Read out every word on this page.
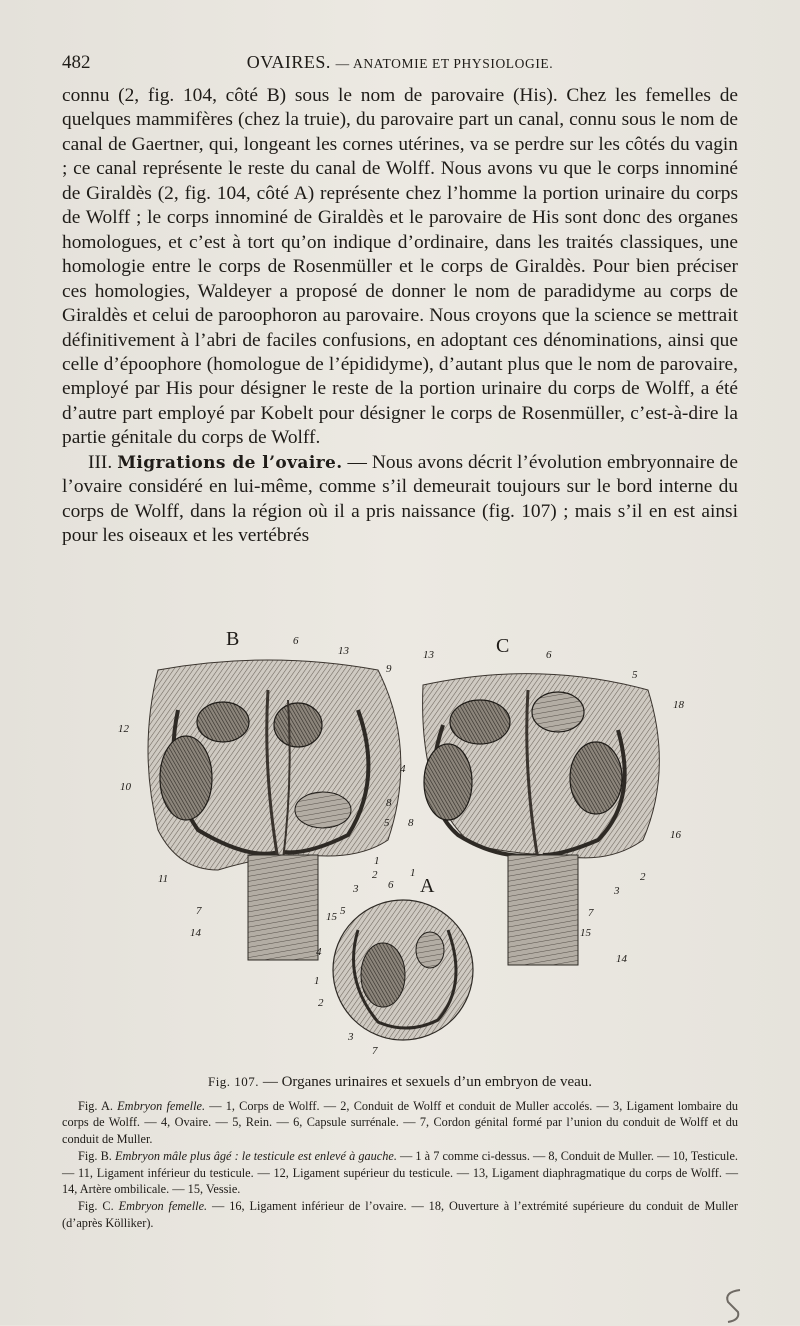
482	OVAIRES. — ANATOMIE ET PHYSIOLOGIE.

connu (2, fig. 104, côté B) sous le nom de parovaire (His). Chez les femelles de quelques mammifères (chez la truie), du parovaire part un canal, connu sous le nom de canal de Gaertner, qui, longeant les cornes utérines, va se perdre sur les côtés du vagin ; ce canal représente le reste du canal de Wolff. Nous avons vu que le corps innominé de Giraldès (2, fig. 104, côté A) représente chez l’homme la portion urinaire du corps de Wolff ; le corps innominé de Giraldès et le parovaire de His sont donc des organes homologues, et c’est à tort qu’on indique d’ordinaire, dans les traités classiques, une homologie entre le corps de Rosenmüller et le corps de Giraldès. Pour bien préciser ces homologies, Waldeyer a proposé de donner le nom de paradidyme au corps de Giraldès et celui de paroophoron au parovaire. Nous croyons que la science se mettrait définitivement à l’abri de faciles confusions, en adoptant ces dénominations, ainsi que celle d’époophore (homologue de l’épididyme), d’autant plus que le nom de parovaire, employé par His pour désigner le reste de la portion urinaire du corps de Wolff, a été d’autre part employé par Kobelt pour désigner le corps de Rosenmüller, c’est-à-dire la partie génitale du corps de Wolff.

III. Migrations de l’ovaire. — Nous avons décrit l’évolution embryonnaire de l’ovaire considéré en lui-même, comme s’il demeurait toujours sur le bord interne du corps de Wolff, dans la région où il a pris naissance (fig. 107) ; mais s’il en est ainsi pour les oiseaux et les vertébrés

B	C
A
6
13
9
12
10
8
5
1
2
3
11
7
14
15
13	6
5
18
4
8
1
16
2
3
7
15
14
6
5
4
1
2
3
7
Fig. 107. — Organes urinaires et sexuels d’un embryon de veau.

Fig. A. Embryon femelle. — 1, Corps de Wolff. — 2, Conduit de Wolff et conduit de Muller accolés. — 3, Ligament lombaire du corps de Wolff. — 4, Ovaire. — 5, Rein. — 6, Capsule surrénale. — 7, Cordon génital formé par l’union du conduit de Wolff et du conduit de Muller.

Fig. B. Embryon mâle plus âgé : le testicule est enlevé à gauche. — 1 à 7 comme ci-dessus. — 8, Conduit de Muller. — 10, Testicule. — 11, Ligament inférieur du testicule. — 12, Ligament supérieur du testicule. — 13, Ligament diaphragmatique du corps de Wolff. — 14, Artère ombilicale. — 15, Vessie.

Fig. C. Embryon femelle. — 16, Ligament inférieur de l’ovaire. — 18, Ouverture à l’extrémité supérieure du conduit de Muller (d’après Kölliker).
